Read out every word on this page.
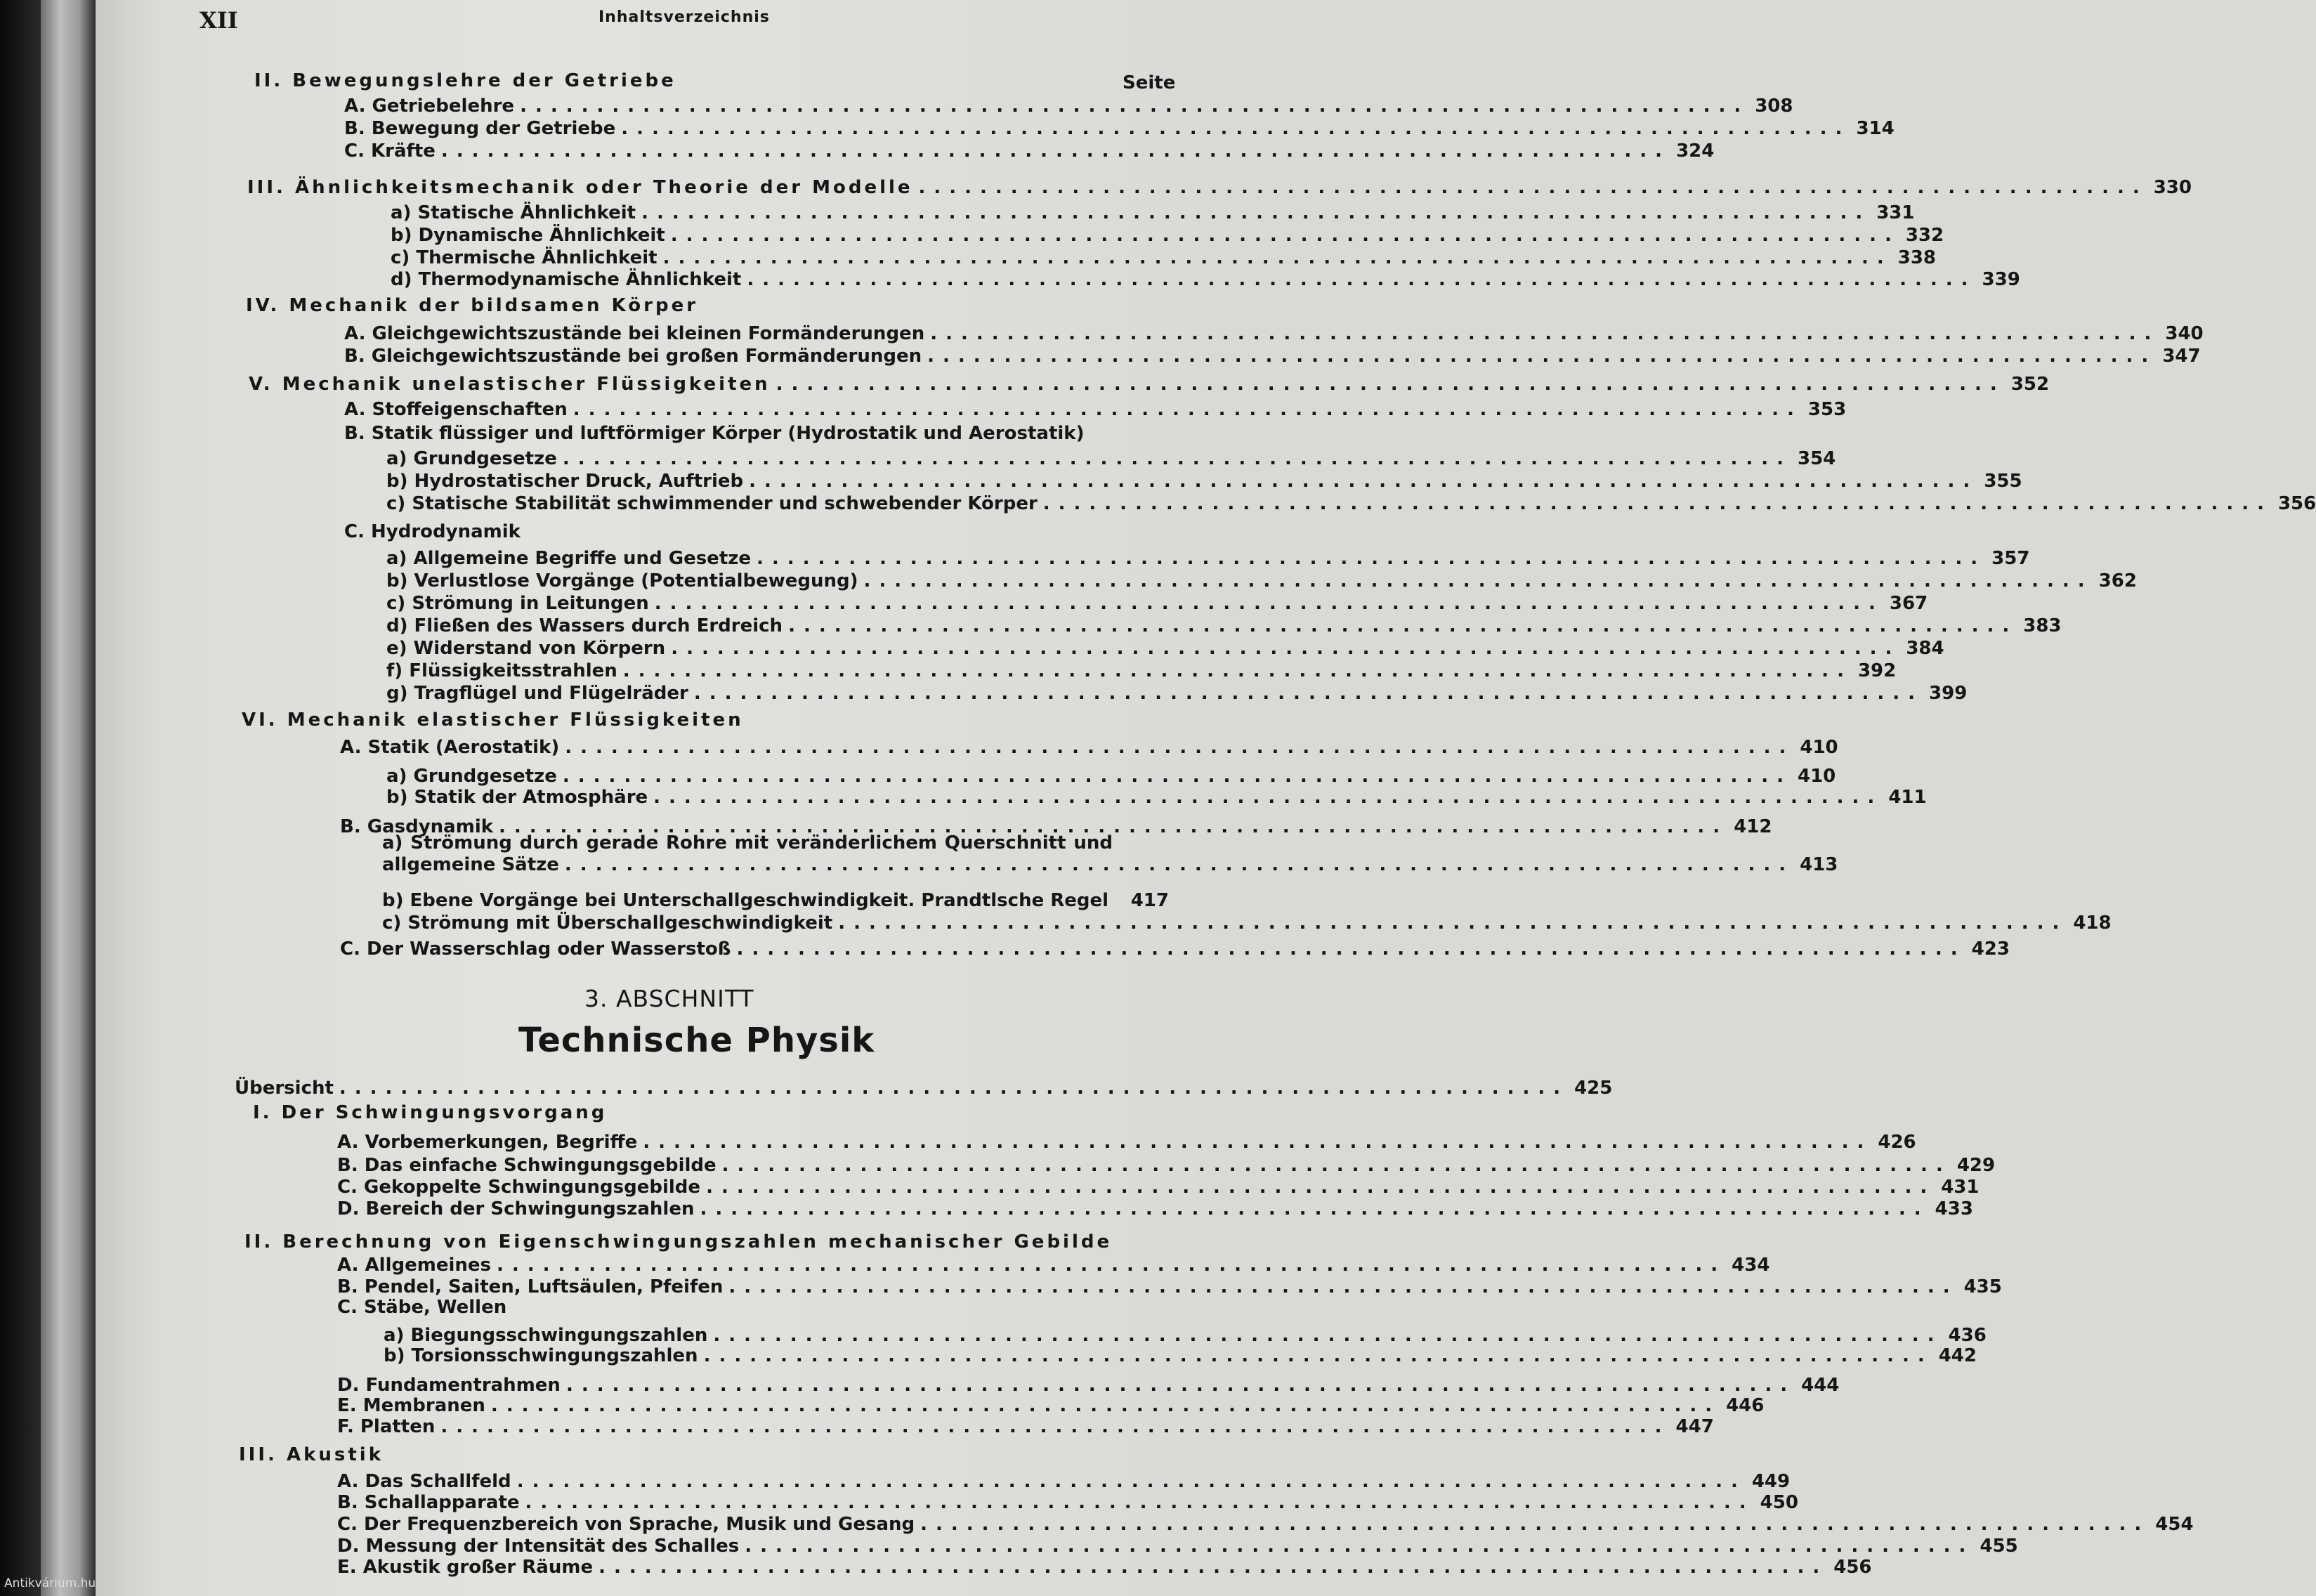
XII	Inhaltsverzeichnis
Seite
II. Bewegungslehre der Getriebe
A. Getriebelehre ................................................................................ 308
B. Bewegung der Getriebe ................................................................................ 314
C. Kräfte ................................................................................ 324
III. Ähnlichkeitsmechanik oder Theorie der Modelle ................................................................................ 330
a) Statische Ähnlichkeit ................................................................................ 331
b) Dynamische Ähnlichkeit ................................................................................ 332
c) Thermische Ähnlichkeit ................................................................................ 338
d) Thermodynamische Ähnlichkeit ................................................................................ 339
IV. Mechanik der bildsamen Körper
A. Gleichgewichtszustände bei kleinen Formänderungen ................................................................................ 340
B. Gleichgewichtszustände bei großen Formänderungen ................................................................................ 347
V. Mechanik unelastischer Flüssigkeiten ................................................................................ 352
A. Stoffeigenschaften ................................................................................ 353
B. Statik flüssiger und luftförmiger Körper (Hydrostatik und Aerostatik)
a) Grundgesetze ................................................................................ 354
b) Hydrostatischer Druck, Auftrieb ................................................................................ 355
c) Statische Stabilität schwimmender und schwebender Körper ................................................................................ 356
C. Hydrodynamik
a) Allgemeine Begriffe und Gesetze ................................................................................ 357
b) Verlustlose Vorgänge (Potentialbewegung) ................................................................................ 362
c) Strömung in Leitungen ................................................................................ 367
d) Fließen des Wassers durch Erdreich ................................................................................ 383
e) Widerstand von Körpern ................................................................................ 384
f) Flüssigkeitsstrahlen ................................................................................ 392
g) Tragflügel und Flügelräder ................................................................................ 399
VI. Mechanik elastischer Flüssigkeiten
A. Statik (Aerostatik) ................................................................................ 410
a) Grundgesetze ................................................................................ 410
b) Statik der Atmosphäre ................................................................................ 411
B. Gasdynamik ................................................................................ 412
b) Ebene Vorgänge bei Unterschallgeschwindigkeit. Prandtlsche Regel 417
c) Strömung mit Überschallgeschwindigkeit ................................................................................ 418
C. Der Wasserschlag oder Wasserstoß ................................................................................ 423
Übersicht ................................................................................ 425
I. Der Schwingungsvorgang
A. Vorbemerkungen, Begriffe ................................................................................ 426
B. Das einfache Schwingungsgebilde ................................................................................ 429
C. Gekoppelte Schwingungsgebilde ................................................................................ 431
D. Bereich der Schwingungszahlen ................................................................................ 433
II. Berechnung von Eigenschwingungszahlen mechanischer Gebilde
A. Allgemeines ................................................................................ 434
B. Pendel, Saiten, Luftsäulen, Pfeifen ................................................................................ 435
C. Stäbe, Wellen
a) Biegungsschwingungszahlen ................................................................................ 436
b) Torsionsschwingungszahlen ................................................................................ 442
D. Fundamentrahmen ................................................................................ 444
E. Membranen ................................................................................ 446
F. Platten ................................................................................ 447
III. Akustik
A. Das Schallfeld ................................................................................ 449
B. Schallapparate ................................................................................ 450
C. Der Frequenzbereich von Sprache, Musik und Gesang ................................................................................ 454
D. Messung der Intensität des Schalles ................................................................................ 455
E. Akustik großer Räume ................................................................................ 456
a) Strömung durch gerade Rohre mit veränderlichem Querschnitt und
allgemeine Sätze ................................................................................ 413
3. ABSCHNITT
Technische Physik
Antikvárium.hu
